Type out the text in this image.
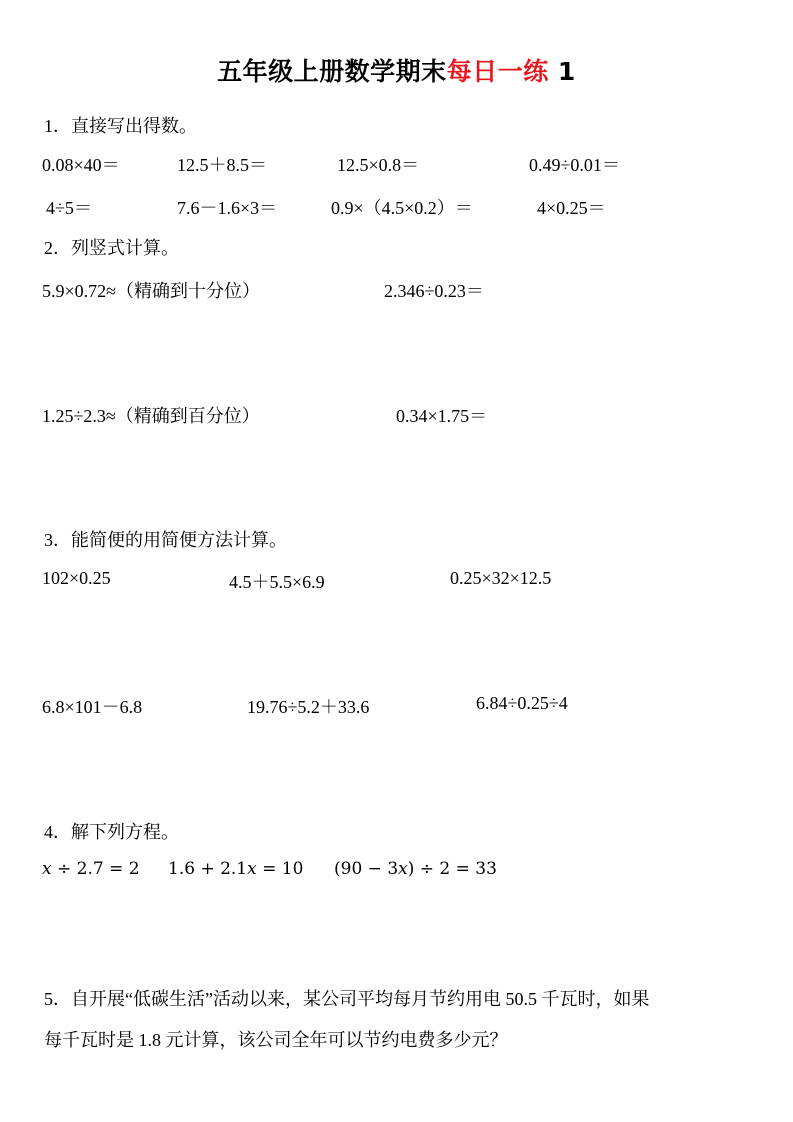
五年级上册数学期末每日一练 1
1．直接写出得数。
0.08×40＝	12.5＋8.5＝	12.5×0.8＝	0.49÷0.01＝
4÷5＝	7.6－1.6×3＝	0.9×（4.5×0.2）＝	4×0.25＝
2．列竖式计算。
5.9×0.72≈（精确到十分位）	2.346÷0.23＝
1.25÷2.3≈（精确到百分位）	0.34×1.75＝
3．能简便的用简便方法计算。
102×0.25	4.5＋5.5×6.9	0.25×32×12.5
6.8×101－6.8	19.76÷5.2＋33.6	6.84÷0.25÷4
4．解下列方程。
x ÷ 2.7 = 2 1.6 + 2.1x = 10 (90 − 3x) ÷ 2 = 33
5．自开展“低碳生活”活动以来，某公司平均每月节约用电 50.5 千瓦时，如果
每千瓦时是 1.8 元计算，该公司全年可以节约电费多少元？
